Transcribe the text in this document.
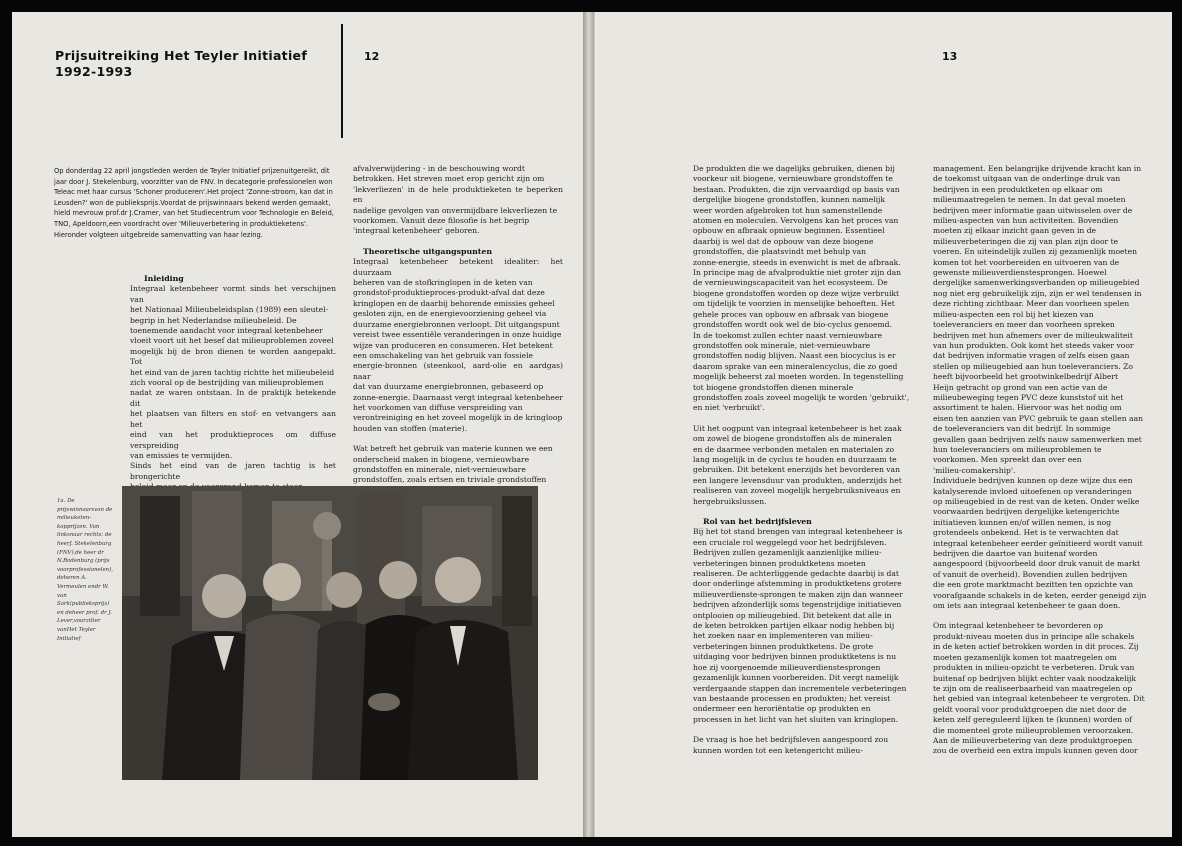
Prijsuitreiking Het Teyler Initiatief
1992-1993
12
Op donderdag 22 april jongstleden werden de Teyler Initiatief prijzenuitgereikt, dit jaar door J. Stekelenburg, voorzitter van de FNV. In decategorie professionelen won Teleac met haar cursus 'Schoner produceren'.Het project 'Zonne-stroom, kan dat in Leusden?' won de publieksprijs.Voordat de prijswinnaars bekend werden gemaakt, hield mevrouw prof.dr J.Cramer, van het Studiecentrum voor Technologie en Beleid, TNO, Apeldoorn,een voordracht over 'Milieuverbetering in produktieketens'. Hieronder volgteen uitgebreide samenvatting van haar lezing.
Inleiding
Integraal ketenbeheer vormt sinds het verschijnen van
het Nationaal Milieubeleidsplan (1989) een sleutel-
begrip in het Nederlandse milieubeleid. De
toenemende aandacht voor integraal ketenbeheer
vloeit voort uit het besef dat milieuproblemen zoveel
mogelijk bij de bron dienen te worden aangepakt. Tot
het eind van de jaren tachtig richtte het milieubeleid
zich vooral op de bestrijding van milieuproblemen
nadat ze waren ontstaan. In de praktijk betekende dit
het plaatsen van filters en stof- en vetvangers aan het
eind van het produktieproces om diffuse verspreiding
van emissies te vermijden.
Sinds het eind van de jaren tachtig is het brongerichte

afvalverwijdering - in de beschouwing wordt
betrokken. Het streven moet erop gericht zijn om
'lekverliezen' in de hele produktieketen te beperken en
nadelige gevolgen van onvermijdbare lekverliezen te
voorkomen. Vanuit deze filosofie is het begrip
'integraal ketenbeheer' geboren.

Theoretische uitgangspunten

Integraal ketenbeheer betekent idealiter: het duurzaam
beheren van de stofkringlopen in de keten van
grondstof-produktieproces-produkt-afval dat deze
kringlopen en de daarbij behorende emissies geheel
gesloten zijn, en de energievoorziening geheel via
duurzame energiebronnen verloopt. Dit uitgangspunt
vereist twee essentiële veranderingen in onze huidige
wijze van produceren en consumeren. Het betekent
een omschakeling van het gebruik van fossiele
energie-bronnen (steenkool, aard-olie en aardgas) naar
dat van duurzame energiebronnen, gebaseerd op
zonne-energie. Daarnaast vergt integraal ketenbeheer
het voorkomen van diffuse verspreiding van
verontreiniging en het zoveel mogelijk in de kringloop
houden van stoffen (materie).

Wat betreft het gebruik van materie kunnen we een
onderscheid maken in biogene, vernieuwbare
grondstoffen en minerale, niet-vernieuwbare
grondstoffen, zoals ertsen en triviale grondstoffen

1a. De prijswinnaarsvan de milieuketen-kopprijzen. Van linksnaar rechts: de heerJ. Stekelenburg (FNV),de heer dr N.Rodenburg (prijs voorprofessionelen), deheren A. Vermeulen endr W. van Sark(publieksprijs) en deheer prof. dr J. Lever,voorzitter vanHet Teyler Initiatief
13

De produkten die we dagelijks gebruiken, dienen bij
voorkeur uit biogene, vernieuwbare grondstoffen te
bestaan. Produkten, die zijn vervaardigd op basis van
dergelijke biogene grondstoffen, kunnen namelijk
weer worden afgebroken tot hun samenstellende
atomen en moleculen. Vervolgens kan het proces van
opbouw en afbraak opnieuw beginnen. Essentieel
daarbij is wel dat de opbouw van deze biogene
grondstoffen, die plaatsvindt met behulp van
zonne-energie, steeds in evenwicht is met de afbraak.
In principe mag de afvalproduktie niet groter zijn dan
de vernieuwingscapaciteit van het ecosysteem. De
biogene grondstoffen worden op deze wijze verbruikt
om tijdelijk te voorzien in menselijke behoeften. Het
gehele proces van opbouw en afbraak van biogene
grondstoffen wordt ook wel de bio-cyclus genoemd.
In de toekomst zullen echter naast vernieuwbare
grondstoffen ook minerale, niet-vernieuwbare
grondstoffen nodig blijven. Naast een biocyclus is er
daarom sprake van een mineralencyclus, die zo goed
mogelijk beheerst zal moeten worden. In tegenstelling
tot biogene grondstoffen dienen minerale
grondstoffen zoals zoveel mogelijk te worden 'gebruikt',
en niet 'verbruikt'.

Uit het oogpunt van integraal ketenbeheer is het zaak
om zowel de biogene grondstoffen als de mineralen
en de daarmee verbonden metalen en materialen zo
lang mogelijk in de cyclus te houden en duurzaam te
gebruiken. Dit betekent enerzijds het bevorderen van
een langere levensduur van produkten, anderzijds het
realiseren van zoveel mogelijk hergebruiksniveaus en
hergebruikslussen.

Rol van het bedrijfsleven

Bij het tot stand brengen van integraal ketenbeheer is
een cruciale rol weggelegd voor het bedrijfsleven.
Bedrijven zullen gezamenlijk aanzienlijke milieu-
verbeteringen binnen produktketens moeten
realiseren. De achterliggende gedachte daarbij is dat
door onderlinge afstemming in produktketens grotere
milieuverdienste-sprongen te maken zijn dan wanneer
bedrijven afzonderlijk soms tegenstrijdige initiatieven
ontplooien op milieugebied. Dit betekent dat alle in
de keten betrokken partijen elkaar nodig hebben bij
het zoeken naar en implementeren van milieu-
verbeteringen binnen produktketens. De grote
uitdaging voor bedrijven binnen produktketens is nu
hoe zij voorgenoemde milieuverdienstesprongen
gezamenlijk kunnen voorbereiden. Dit vergt namelijk
verdergaande stappen dan incrementele verbeteringen
van bestaande processen en produkten; het vereist
ondermeer een heroriëntatie op produkten en
processen in het licht van het sluiten van kringlopen.

De vraag is hoe het bedrijfsleven aangespoord zou
kunnen worden tot een ketengericht milieu-

management. Een belangrijke drijvende kracht kan in
de toekomst uitgaan van de onderlinge druk van
bedrijven in een produktketen op elkaar om
milieumaatregelen te nemen. In dat geval moeten
bedrijven meer informatie gaan uitwisselen over de
milieu-aspecten van hun activiteiten. Bovendien
moeten zij elkaar inzicht gaan geven in de
milieuverbeteringen die zij van plan zijn door te
voeren. En uiteindelijk zullen zij gezamenlijk moeten
komen tot het voorbereiden en uitvoeren van de
gewenste milieuverdienstesprongen. Hoewel
dergelijke samenwerkingsverbanden op milieugebied
nog niet erg gebruikelijk zijn, zijn er wel tendensen in
deze richting zichtbaar. Meer dan voorheen spelen
milieu-aspecten een rol bij het kiezen van
toeleveranciers en meer dan voorheen spreken
bedrijven met hun afnemers over de milieukwaliteit
van hun produkten. Ook komt het steeds vaker voor
dat bedrijven informatie vragen of zelfs eisen gaan
stellen op milieugebied aan hun toeleveranciers. Zo
heeft bijvoorbeeld het grootwinkelbedrijf Albert
Heijn getracht op grond van een actie van de
milieubeweging tegen PVC deze kunststof uit het
assortiment te halen. Hiervoor was het nodig om
eisen ten aanzien van PVC gebruik te gaan stellen aan
de toeleveranciers van dit bedrijf. In sommige
gevallen gaan bedrijven zelfs nauw samenwerken met
hun toeleveranciers om milieuproblemen te
voorkomen. Men spreekt dan over een
'milieu-comakership'.
Individuele bedrijven kunnen op deze wijze dus een
katalyserende invloed uitoefenen op veranderingen
op milieugebied in de rest van de keten. Onder welke
voorwaarden bedrijven dergelijke ketengerichte
initiatieven kunnen en/of willen nemen, is nog
grotendeels onbekend. Het is te verwachten dat
integraal ketenbeheer eerder geïnitieerd wordt vanuit
bedrijven die daartoe van buitenaf worden
aangespoord (bijvoorbeeld door druk vanuit de markt
of vanuit de overheid). Bovendien zullen bedrijven
die een grote marktmacht bezitten ten opzichte van
voorafgaande schakels in de keten, eerder geneigd zijn
om iets aan integraal ketenbeheer te gaan doen.

Om integraal ketenbeheer te bevorderen op
produkt-niveau moeten dus in principe alle schakels
in de keten actief betrokken worden in dit proces. Zij
moeten gezamenlijk komen tot maatregelen om
produkten in milieu-opzicht te verbeteren. Druk van
buitenaf op bedrijven blijkt echter vaak noodzakelijk
te zijn om de realiseerbaarheid van maatregelen op
het gebied van integraal ketenbeheer te vergroten. Dit
geldt vooral voor produktgroepen die niet door de
keten zelf gereguleerd lijken te (kunnen) worden of
die momenteel grote milieuproblemen veroorzaken.
Aan de milieuverbetering van deze produktgroepen
zou de overheid een extra impuls kunnen geven door
